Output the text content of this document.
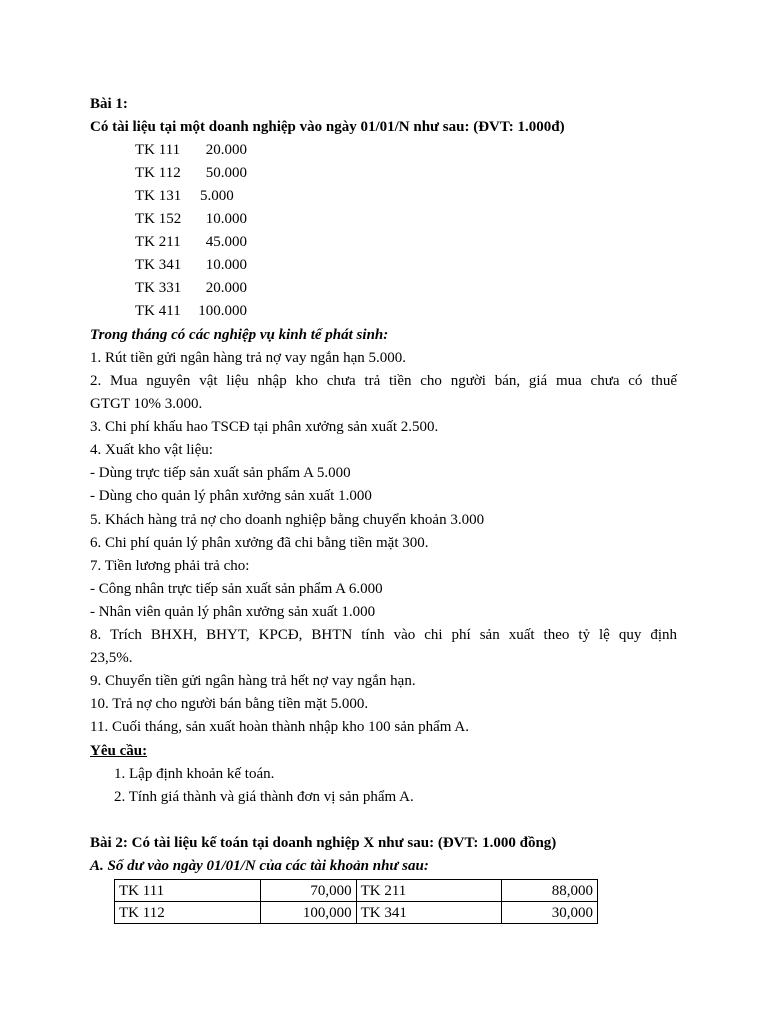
Bài 1:
Có tài liệu tại một doanh nghiệp vào ngày 01/01/N như sau: (ĐVT: 1.000đ)
TK 111 20.000
TK 112 50.000
TK 131 5.000
TK 152 10.000
TK 211 45.000
TK 341 10.000
TK 331 20.000
TK 411 100.000
Trong tháng có các nghiệp vụ kinh tế phát sinh:
1. Rút tiền gửi ngân hàng trả nợ vay ngắn hạn 5.000.
2. Mua nguyên vật liệu nhập kho chưa trả tiền cho người bán, giá mua chưa có thuế
GTGT 10% 3.000.
3. Chi phí khấu hao TSCĐ tại phân xưởng sản xuất 2.500.
4. Xuất kho vật liệu:
- Dùng trực tiếp sản xuất sản phẩm A 5.000
- Dùng cho quản lý phân xưởng sản xuất 1.000
5. Khách hàng trả nợ cho doanh nghiệp bằng chuyển khoản 3.000
6. Chi phí quản lý phân xưởng đã chi bằng tiền mặt 300.
7. Tiền lương phải trả cho:
- Công nhân trực tiếp sản xuất sản phẩm A 6.000
- Nhân viên quản lý phân xưởng sản xuất 1.000
8. Trích BHXH, BHYT, KPCĐ, BHTN tính vào chi phí sản xuất theo tỷ lệ quy định
23,5%.
9. Chuyển tiền gửi ngân hàng trả hết nợ vay ngắn hạn.
10. Trả nợ cho người bán bằng tiền mặt 5.000.
11. Cuối tháng, sản xuất hoàn thành nhập kho 100 sản phẩm A.
Yêu cầu:
1. Lập định khoản kế toán.
2. Tính giá thành và giá thành đơn vị sản phẩm A.
Bài 2: Có tài liệu kế toán tại doanh nghiệp X như sau: (ĐVT: 1.000 đồng)
A. Số dư vào ngày 01/01/N của các tài khoản như sau:
TK 111	70,000	TK 211	88,000
TK 112	100,000	TK 341	30,000
